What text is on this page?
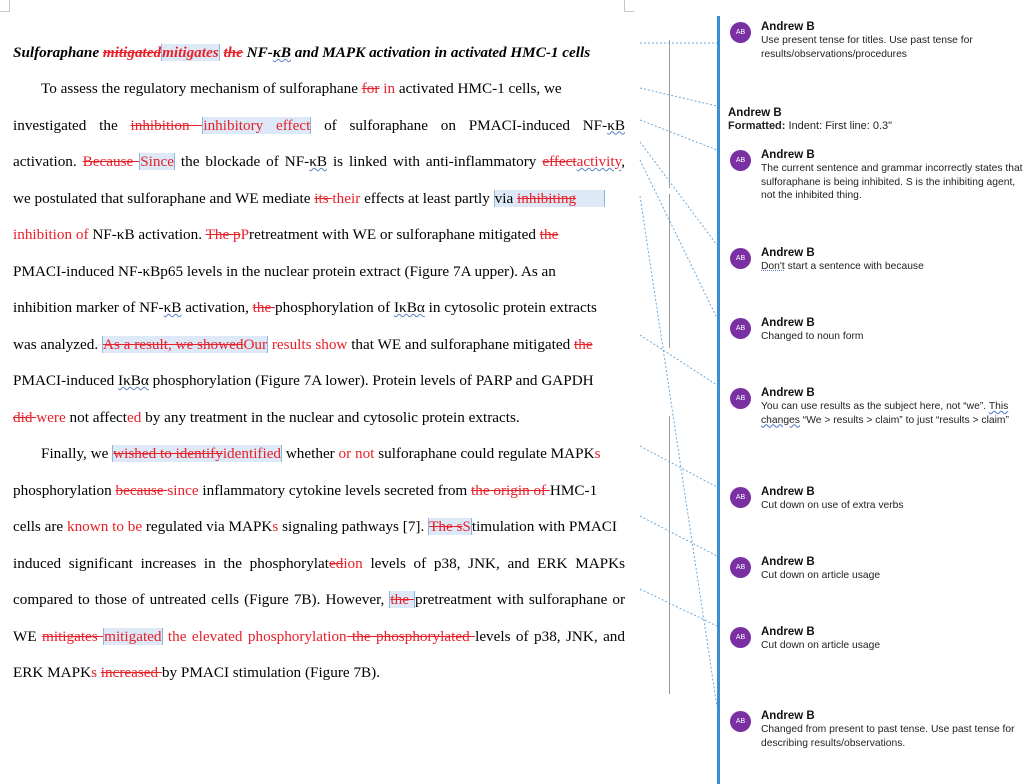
Sulforaphane mitigatedmitigates the NF-κB and MAPK activation in activated HMC-1 cells

To assess the regulatory mechanism of sulforaphane for in activated HMC-1 cells, we

investigated the inhibition inhibitory effect of sulforaphane on PMACI-induced NF-κB

activation. Because Since the blockade of NF-κB is linked with anti-inflammatory effectactivity,

we postulated that sulforaphane and WE mediate its their effects at least partly via inhibiting

inhibition of NF-κB activation. The pPretreatment with WE or sulforaphane mitigated the

PMACI-induced NF-κBp65 levels in the nuclear protein extract (Figure 7A upper). As an

inhibition marker of NF-κB activation, the phosphorylation of IκBα in cytosolic protein extracts

was analyzed. As a result, we showedOur results show that WE and sulforaphane mitigated the

PMACI-induced IκBα phosphorylation (Figure 7A lower). Protein levels of PARP and GAPDH

did were not affected by any treatment in the nuclear and cytosolic protein extracts.

Finally, we wished to identifyidentified whether or not sulforaphane could regulate MAPKs

phosphorylation because since inflammatory cytokine levels secreted from the origin of HMC-1

cells are known to be regulated via MAPKs signaling pathways [7]. The sStimulation with PMACI

induced significant increases in the phosphorylatedion levels of p38, JNK, and ERK MAPKs

compared to those of untreated cells (Figure 7B). However, the pretreatment with sulforaphane or

WE mitigates mitigated the elevated phosphorylation the phosphorylated levels of p38, JNK, and

ERK MAPKs increased by PMACI stimulation (Figure 7B).

AB	Andrew B
Use present tense for titles. Use past tense for results/observations/procedures
Andrew B
Formatted: Indent: First line: 0.3"
AB	Andrew B
The current sentence and grammar incorrectly states that sulforaphane is being inhibited. S is the inhibiting agent, not the inhibited thing.
AB	Andrew B
Don't start a sentence with because
AB	Andrew B
Changed to noun form
AB	Andrew B
You can use results as the subject here, not “we”. This changes “We > results > claim” to just “results > claim”
AB	Andrew B
Cut down on use of extra verbs
AB	Andrew B
Cut down on article usage
AB	Andrew B
Cut down on article usage
AB	Andrew B
Changed from present to past tense. Use past tense for describing results/observations.
